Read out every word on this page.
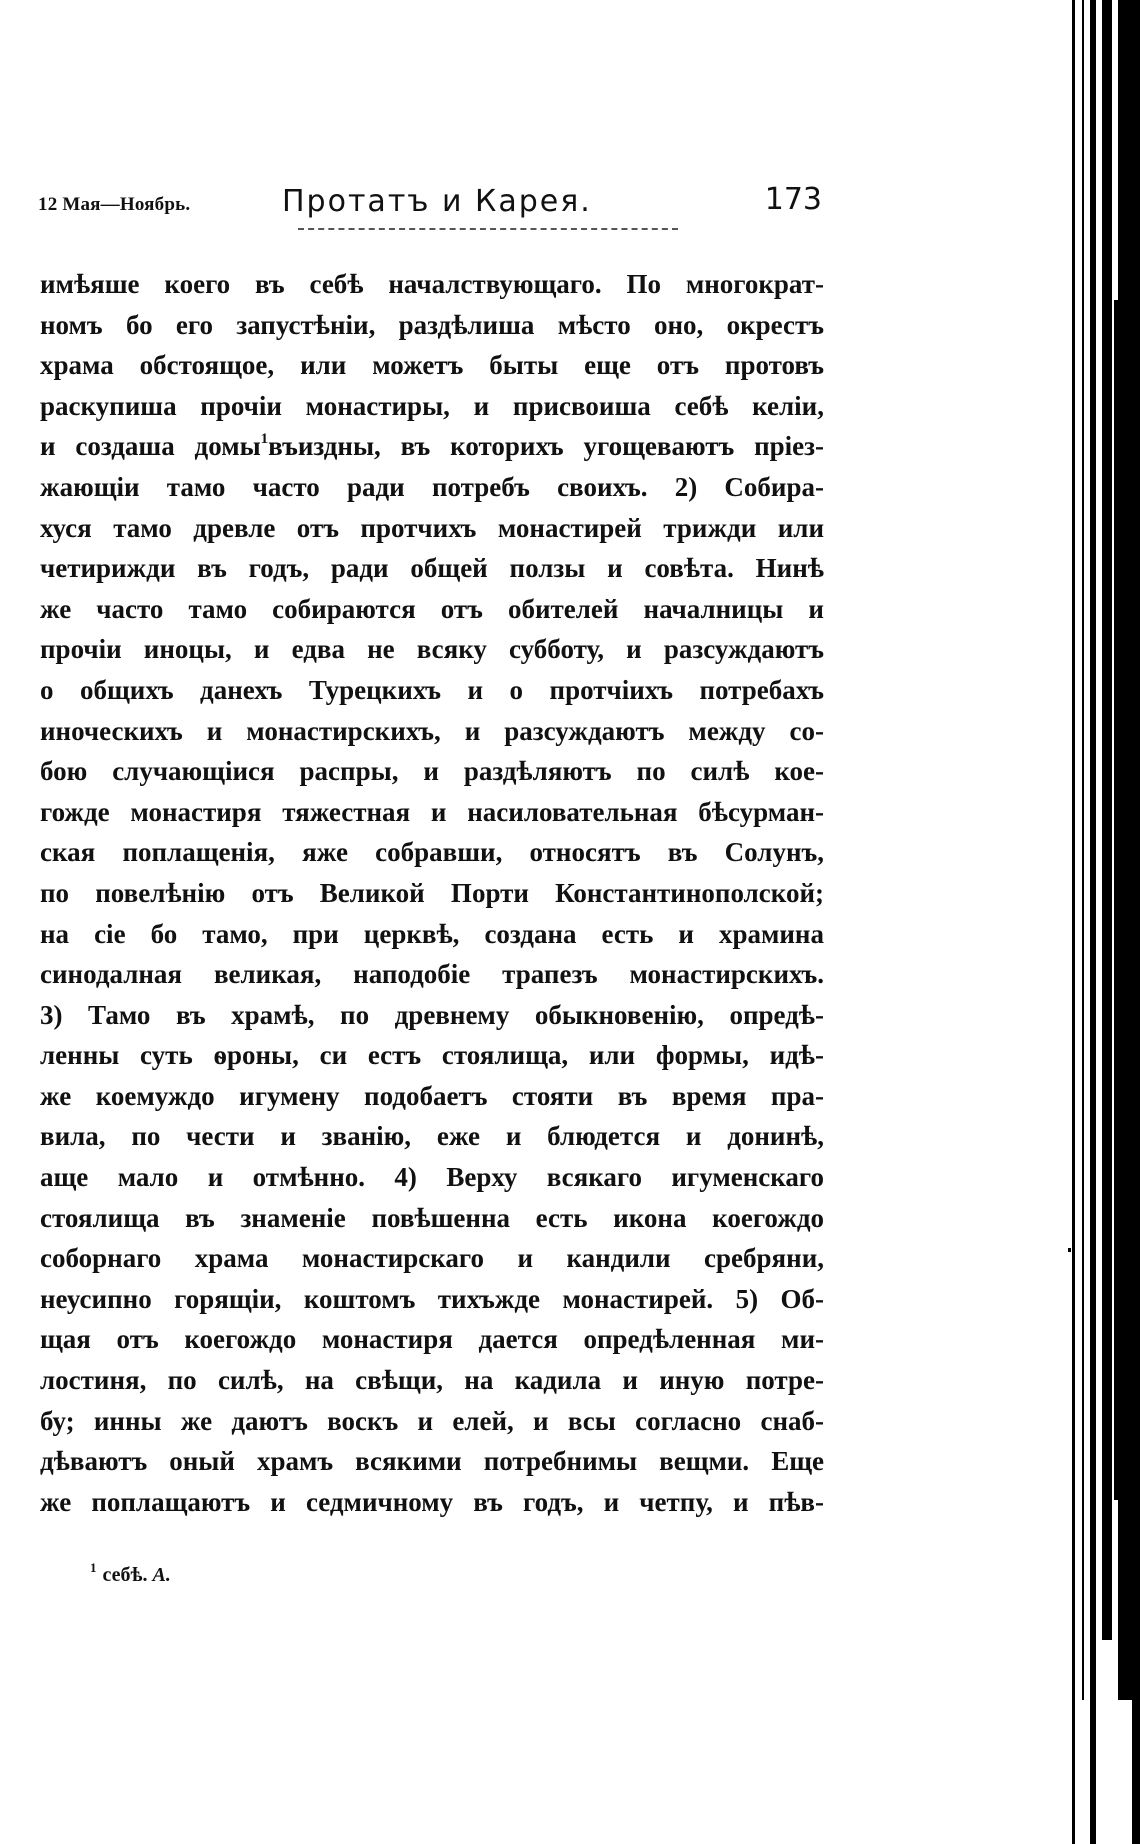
12 Мая—Ноябрь.	Протатъ и Карея.	173
имѣяше коего въ себѣ началствующаго. По многократ-
номъ бо его запустѣніи, раздѣлиша мѣсто оно, окрестъ
храма обстоящое, или можетъ быты еще отъ протовъ
раскупиша прочіи монастиры, и присвоиша себѣ келіи,
и создаша домы$^1$въиздны, въ которихъ угощеваютъ пріез-
жающіи тамо часто ради потребъ своихъ. 2) Собира-
хуся тамо древле отъ протчихъ монастирей трижди или
четирижди въ годъ, ради общей ползы и совѣта. Нинѣ
же часто тамо собираются отъ обителей началницы и
прочіи иноцы, и едва не всяку субботу, и разсуждаютъ
о общихъ данехъ Турецкихъ и о протчіихъ потребахъ
иноческихъ и монастирскихъ, и разсуждаютъ между со-
бою случающіися распры, и раздѣляютъ по силѣ кое-
гождe монастиря тяжестная и насиловательная бѣсурман-
ская поплащенія, яже собравши, относятъ въ Солунъ,
по повелѣнію отъ Великой Порти Константинополской;
на сіе бо тамо, при церквѣ, создана есть и храмина
синодалная великая, наподобіе трапезъ монастирскихъ.
3) Тамо въ храмѣ, по древнему обыкновенію, опредѣ-
ленны суть ѳроны, си естъ стоялища, или формы, идѣ-
же коемуждо игумену подобаетъ стояти въ время пра-
вила, по чести и званію, еже и блюдется и донинѣ,
аще мало и отмѣнно. 4) Верху всякаго игуменскаго
стоялища въ знаменіе повѣшенна есть икона коегождо
соборнаго храма монастирскаго и кандили сребряни,
неусипно горящіи, коштомъ тихъжде монастирей. 5) Об-
щая отъ коегождо монастиря дается опредѣленная ми-
лостиня, по силѣ, на свѣщи, на кадила и иную потре-
бу; инны же даютъ воскъ и елей, и всы согласно снаб-
дѣваютъ оный храмъ всякими потребнимы вещми. Еще
же поплащаютъ и седмичному въ годъ, и четпу, и пѣв-
$^1$ себѣ. А.
